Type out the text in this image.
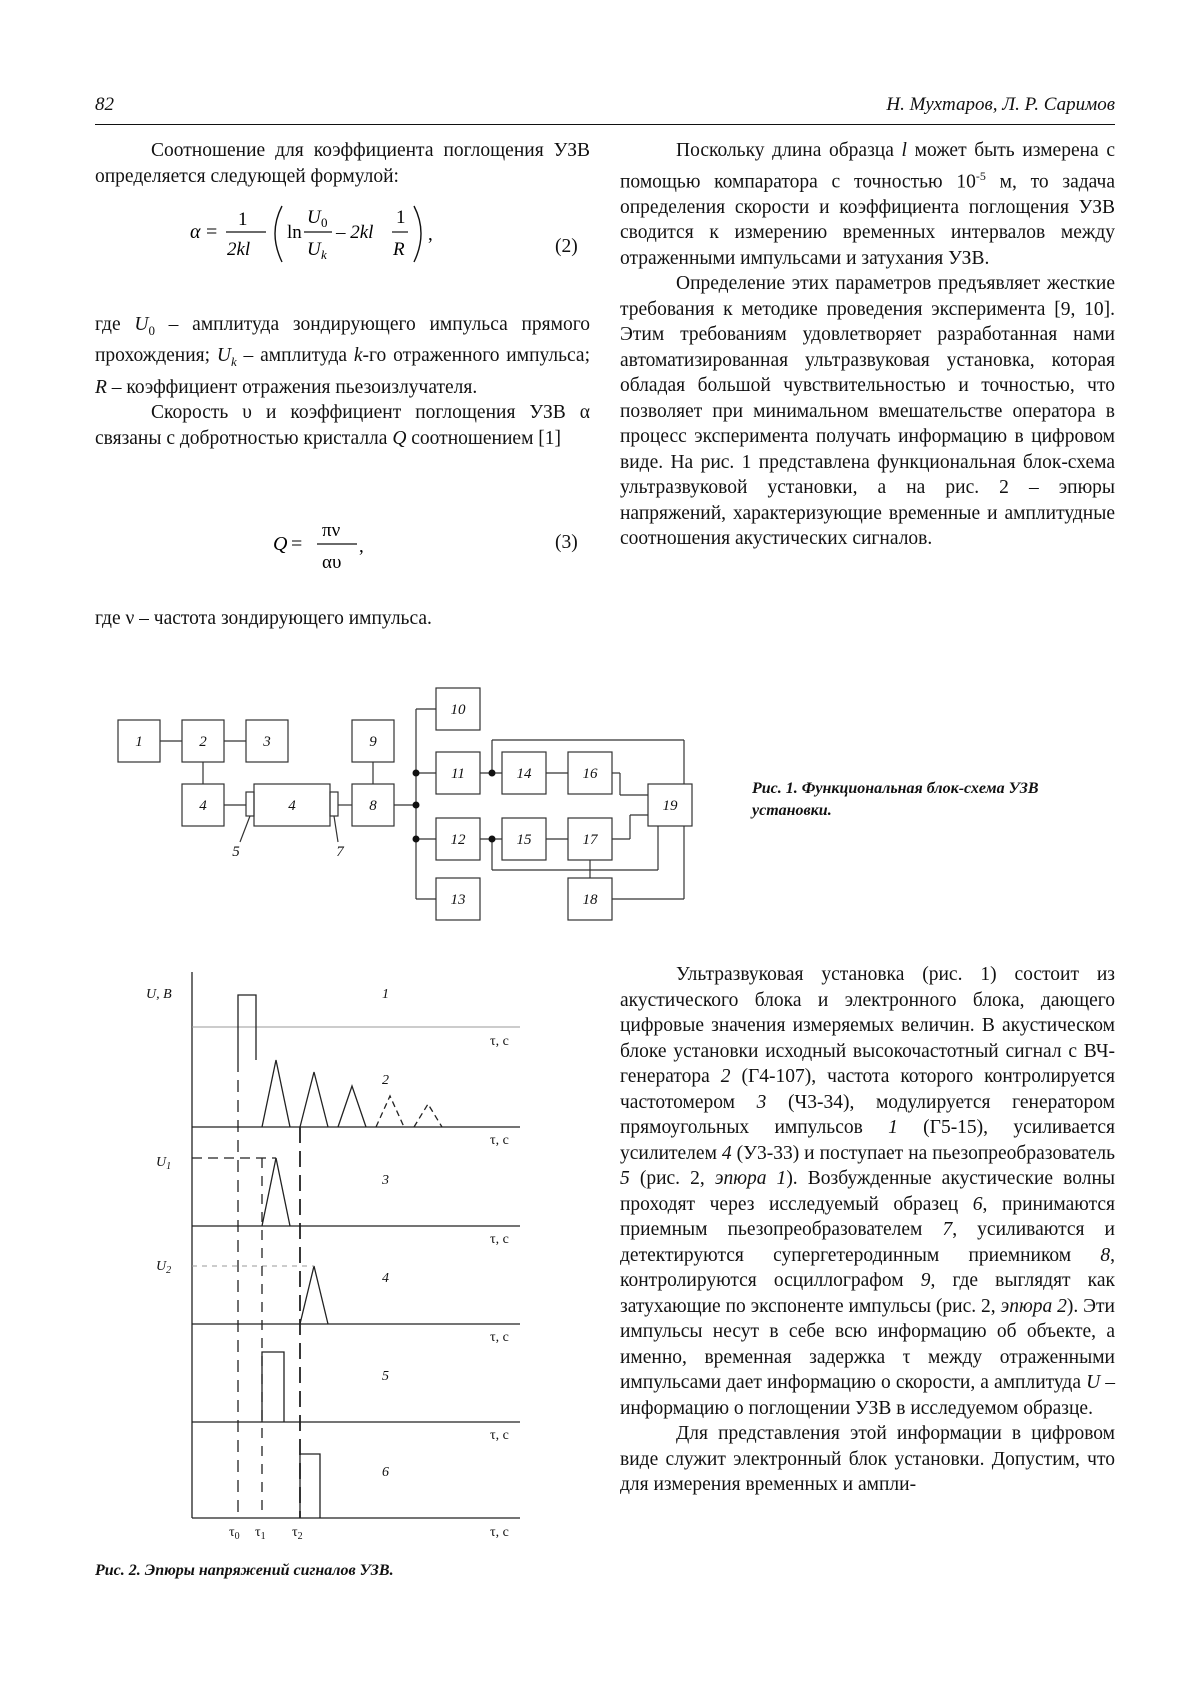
82	Н. Мухтаров, Л. Р. Саримов

Соотношение для коэффициента поглощения УЗВ определяется следующей формулой:

α =
1
2kl
ln
U 0
U k
– 2kl
1
R
,
(2)

где $U_0$ – амплитуда зондирующего импульса прямого прохождения; $U_k$ – амплитуда k-го отраженного импульса; R – коэффициент отражения пьезоизлучателя.

Скорость υ и коэффициент поглощения УЗВ α связаны с добротностью кристалла Q соотношением [1]

Q =
πν
αυ
,	(3)

где ν – частота зондирующего импульса.

Поскольку длина образца l может быть измерена с помощью компаратора с точностью $10^{-5}$ м, то задача определения скорости и коэффициента поглощения УЗВ сводится к измерению временных интервалов между отраженными импульсами и затухания УЗВ.

Определение этих параметров предъявляет жесткие требования к методике проведения эксперимента [9, 10]. Этим требованиям удовлетворяет разработанная нами автоматизированная ультразвуковая установка, которая обладая большой чувствительностью и точностью, что позволяет при минимальном вмешательстве оператора в процесс эксперимента получать информацию в цифровом виде. На рис. 1 представлена функциональная блок-схема ультразвуковой установки, а на рис. 2 – эпюры напряжений, характеризующие временные и амплитудные соотношения акустических сигналов.

1	2	3
4	4	8
9
10
11
12
13
14
15
16
17
18
19
5	7
Рис. 1. Функциональная блок-схема УЗВ установки.
U, В
$U_1$
$U_2$
τ, с
τ, с
τ, с
τ, с
τ, с
τ, с
1
2
3
4
5
6
$\tau_0$ $\tau_1$ $\tau_2$
Рис. 2. Эпюры напряжений сигналов УЗВ.

Ультразвуковая установка (рис. 1) состоит из акустического блока и электронного блока, дающего цифровые значения измеряемых величин. В акустическом блоке установки исходный высокочастотный сигнал с ВЧ-генератора 2 (Г4-107), частота которого контролируется частотомером 3 (Ч3-34), модулируется генератором прямоугольных импульсов 1 (Г5-15), усиливается усилителем 4 (У3-33) и поступает на пьезопреобразователь 5 (рис. 2, эпюра 1). Возбужденные акустические волны проходят через исследуемый образец 6, принимаются приемным пьезопреобразователем 7, усиливаются и детектируются супергетеродинным приемником 8, контролируются осциллографом 9, где выглядят как затухающие по экспоненте импульсы (рис. 2, эпюра 2). Эти импульсы несут в себе всю информацию об объекте, а именно, временная задержка τ между отраженными импульсами дает информацию о скорости, а амплитуда U – информацию о поглощении УЗВ в исследуемом образце.

Для представления этой информации в цифровом виде служит электронный блок установки. Допустим, что для измерения временных и ампли-
